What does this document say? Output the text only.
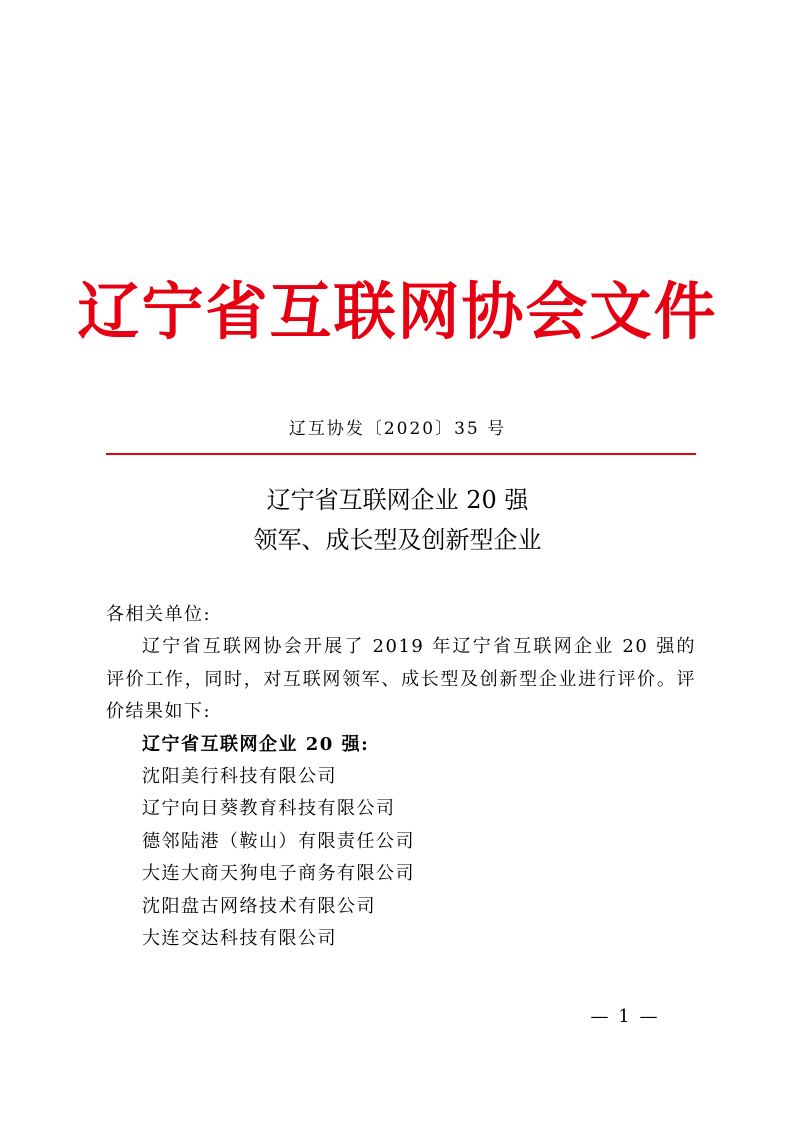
辽宁省互联网协会文件
辽互协发〔2020〕35 号
辽宁省互联网企业 20 强
领军、成长型及创新型企业

各相关单位:

辽宁省互联网协会开展了 2019 年辽宁省互联网企业 20 强的评价工作，同时，对互联网领军、成长型及创新型企业进行评价。评价结果如下:

辽宁省互联网企业 20 强:

沈阳美行科技有限公司
辽宁向日葵教育科技有限公司
德邻陆港（鞍山）有限责任公司
大连大商天狗电子商务有限公司
沈阳盘古网络技术有限公司
大连交达科技有限公司
— 1 —
